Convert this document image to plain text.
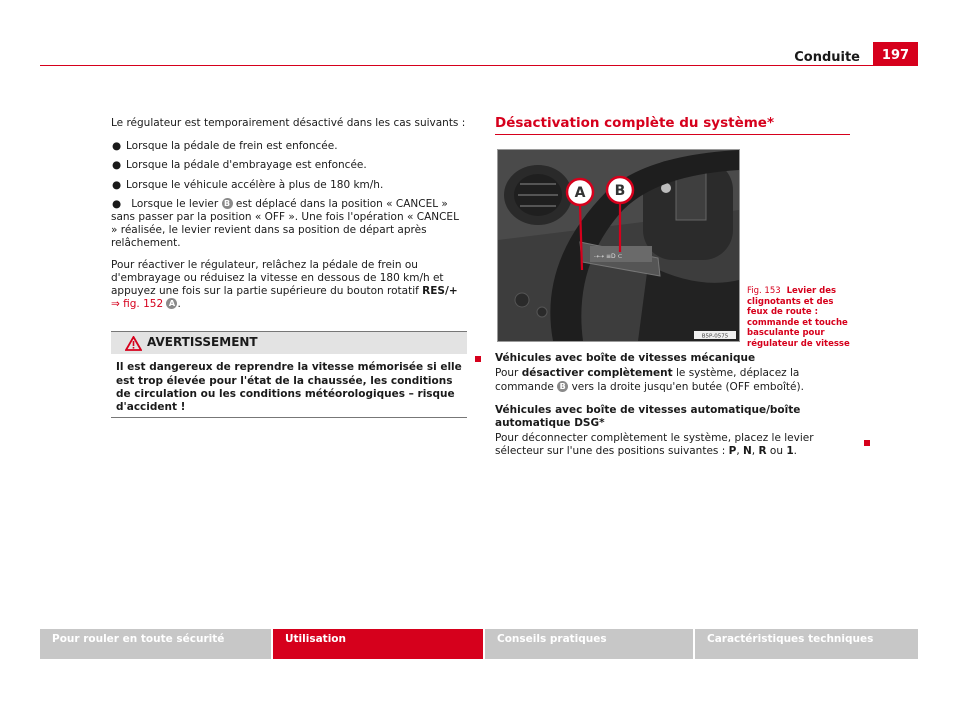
Conduite	197

Le régulateur est temporairement désactivé dans les cas suivants :

● Lorsque la pédale de frein est enfoncée.
● Lorsque la pédale d'embrayage est enfoncée.
● Lorsque le véhicule accélère à plus de 180 km/h.
● Lorsque le levier B est déplacé dans la position « CANCEL » sans passer par la position « OFF ». Une fois l'opération « CANCEL » réalisée, le levier revient dans sa position de départ après relâchement.

Pour réactiver le régulateur, relâchez la pédale de frein ou d'embrayage ou réduisez la vitesse en dessous de 180 km/h et appuyez une fois sur la partie supérieure du bouton rotatif RES/+ ⇒ fig. 152 A .

AVERTISSEMENT
Il est dangereux de reprendre la vitesse mémorisée si elle est trop élevée pour l'état de la chaussée, les conditions de circulation ou les conditions météorologiques – risque d'accident !
Désactivation complète du système*
⇢⇢ ≡D ⊂
A B
B5P-0575
Fig. 153 Levier des clignotants et des feux de route : commande et touche basculante pour régulateur de vitesse
Véhicules avec boîte de vitesses mécanique

Pour désactiver complètement le système, déplacez la commande B vers la droite jusqu'en butée (OFF emboîté).

Véhicules avec boîte de vitesses automatique/boîte automatique DSG*

Pour déconnecter complètement le système, placez le levier sélecteur sur l'une des positions suivantes : P, N, R ou 1.

Pour rouler en toute sécurité	Utilisation	Conseils pratiques	Caractéristiques techniques
